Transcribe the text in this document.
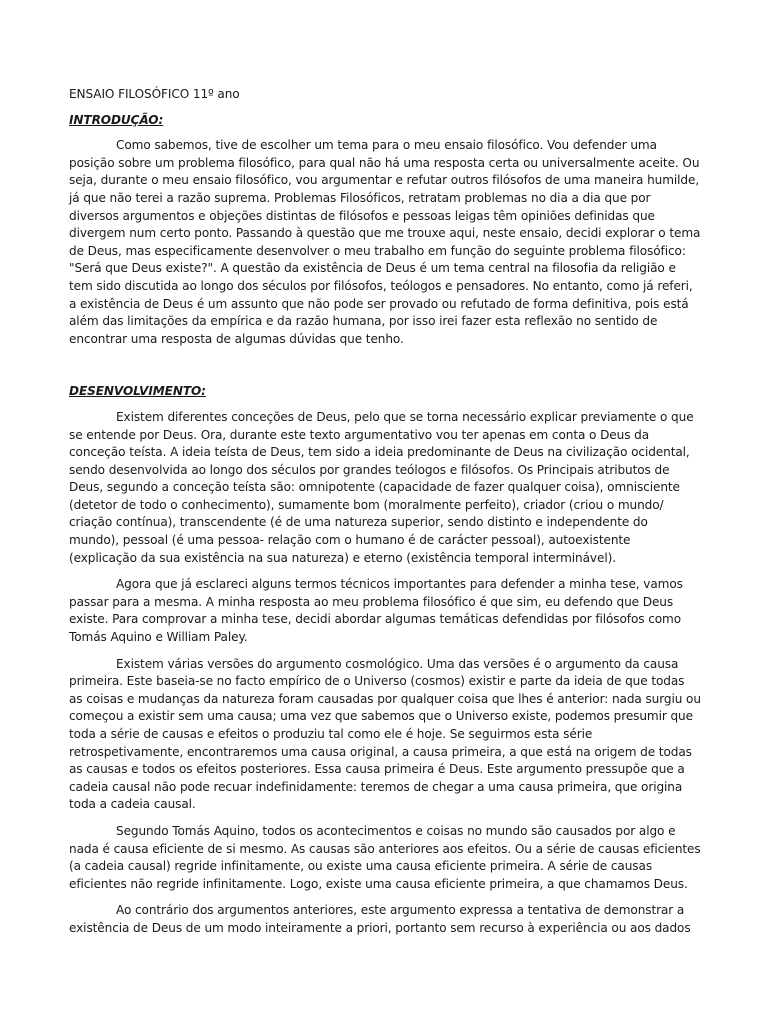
ENSAIO FILOSÓFICO 11º ano

INTRODUÇÃO:

Como sabemos, tive de escolher um tema para o meu ensaio filosófico. Vou defender uma posição sobre um problema filosófico, para qual não há uma resposta certa ou universalmente aceite. Ou seja, durante o meu ensaio filosófico, vou argumentar e refutar outros filósofos de uma maneira humilde, já que não terei a razão suprema. Problemas Filosóficos, retratam problemas no dia a dia que por diversos argumentos e objeções distintas de filósofos e pessoas leigas têm opiniões definidas que divergem num certo ponto. Passando à questão que me trouxe aqui, neste ensaio, decidi explorar o tema de Deus, mas especificamente desenvolver o meu trabalho em função do seguinte problema filosófico: "Será que Deus existe?". A questão da existência de Deus é um tema central na filosofia da religião e tem sido discutida ao longo dos séculos por filósofos, teólogos e pensadores. No entanto, como já referi, a existência de Deus é um assunto que não pode ser provado ou refutado de forma definitiva, pois está além das limitações da empírica e da razão humana, por isso irei fazer esta reflexão no sentido de encontrar uma resposta de algumas dúvidas que tenho.

DESENVOLVIMENTO:

Existem diferentes conceções de Deus, pelo que se torna necessário explicar previamente o que se entende por Deus. Ora, durante este texto argumentativo vou ter apenas em conta o Deus da conceção teísta. A ideia teísta de Deus, tem sido a ideia predominante de Deus na civilização ocidental, sendo desenvolvida ao longo dos séculos por grandes teólogos e filósofos. Os Principais atributos de Deus, segundo a conceção teísta são: omnipotente (capacidade de fazer qualquer coisa), omnisciente (detetor de todo o conhecimento), sumamente bom (moralmente perfeito), criador (criou o mundo/ criação contínua), transcendente (é de uma natureza superior, sendo distinto e independente do mundo), pessoal (é uma pessoa- relação com o humano é de carácter pessoal), autoexistente (explicação da sua existência na sua natureza) e eterno (existência temporal interminável).

Agora que já esclareci alguns termos técnicos importantes para defender a minha tese, vamos passar para a mesma. A minha resposta ao meu problema filosófico é que sim, eu defendo que Deus existe. Para comprovar a minha tese, decidi abordar algumas temáticas defendidas por filósofos como Tomás Aquino e William Paley.

Existem várias versões do argumento cosmológico. Uma das versões é o argumento da causa primeira. Este baseia-se no facto empírico de o Universo (cosmos) existir e parte da ideia de que todas as coisas e mudanças da natureza foram causadas por qualquer coisa que lhes é anterior: nada surgiu ou começou a existir sem uma causa; uma vez que sabemos que o Universo existe, podemos presumir que toda a série de causas e efeitos o produziu tal como ele é hoje. Se seguirmos esta série retrospetivamente, encontraremos uma causa original, a causa primeira, a que está na origem de todas as causas e todos os efeitos posteriores. Essa causa primeira é Deus. Este argumento pressupõe que a cadeia causal não pode recuar indefinidamente: teremos de chegar a uma causa primeira, que origina toda a cadeia causal.

Segundo Tomás Aquino, todos os acontecimentos e coisas no mundo são causados por algo e nada é causa eficiente de si mesmo. As causas são anteriores aos efeitos. Ou a série de causas eficientes (a cadeia causal) regride infinitamente, ou existe uma causa eficiente primeira. A série de causas eficientes não regride infinitamente. Logo, existe uma causa eficiente primeira, a que chamamos Deus.

Ao contrário dos argumentos anteriores, este argumento expressa a tentativa de demonstrar a existência de Deus de um modo inteiramente a priori, portanto sem recurso à experiência ou aos dados
